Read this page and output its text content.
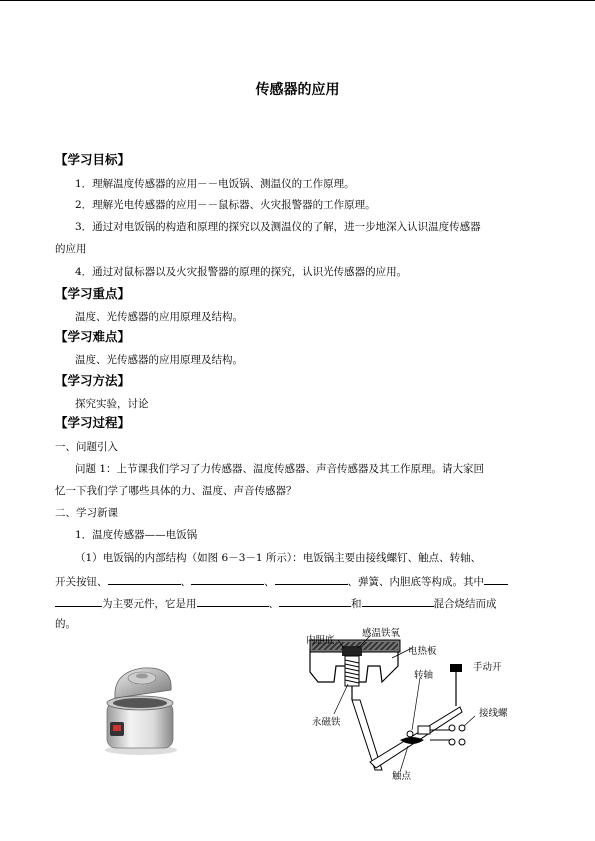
传感器的应用
【学习目标】
1．理解温度传感器的应用－－电饭锅、测温仪的工作原理。
2．理解光电传感器的应用－－鼠标器、火灾报警器的工作原理。
3．通过对电饭锅的构造和原理的探究以及测温仪的了解，进一步地深入认识温度传感器
的应用
4．通过对鼠标器以及火灾报警器的原理的探究，认识光传感器的应用。
【学习重点】
温度、光传感器的应用原理及结构。
【学习难点】
温度、光传感器的应用原理及结构。
【学习方法】
探究实验，讨论
【学习过程】
一、问题引入
问题 1：上节课我们学习了力传感器、温度传感器、声音传感器及其工作原理。请大家回
忆一下我们学了哪些具体的力、温度、声音传感器？
二、学习新课
1．温度传感器——电饭锅
（1）电饭锅的内部结构（如图 6－3－1 所示）：电饭锅主要由接线螺钉、触点、转轴、
开关按钮、	、	、	、弹簧、内胆底等构成。其中
为主要元件，它是用	、	和	混合烧结而成
的。
内胆底
感温铁氧
电热板
转轴
手动开
永磁铁
接线螺
触点
